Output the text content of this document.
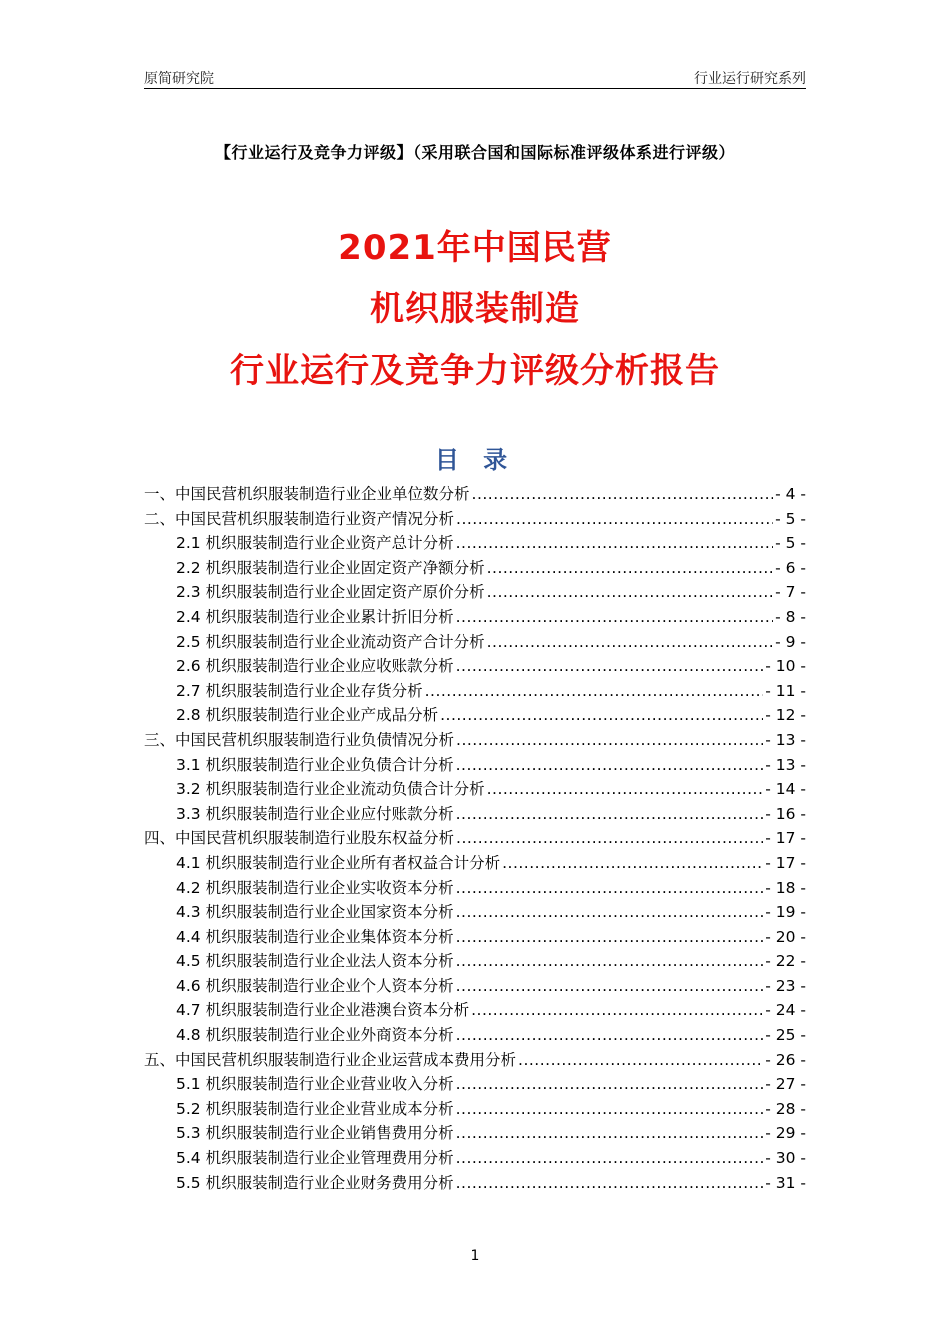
原简研究院	行业运行研究系列
【行业运行及竞争力评级】（采用联合国和国际标准评级体系进行评级）
2021年中国民营
机织服装制造
行业运行及竞争力评级分析报告
目 录
一、中国民营机织服装制造行业企业单位数分析 .....	- 4 -
二、中国民营机织服装制造行业资产情况分析 .....	- 5 -
2.1 机织服装制造行业企业资产总计分析 .....	- 5 -
2.2 机织服装制造行业企业固定资产净额分析 .....	- 6 -
2.3 机织服装制造行业企业固定资产原价分析 .....	- 7 -
2.4 机织服装制造行业企业累计折旧分析 .....	- 8 -
2.5 机织服装制造行业企业流动资产合计分析 .....	- 9 -
2.6 机织服装制造行业企业应收账款分析 .....	- 10 -
2.7 机织服装制造行业企业存货分析 .....	- 11 -
2.8 机织服装制造行业企业产成品分析 .....	- 12 -
三、中国民营机织服装制造行业负债情况分析 .....	- 13 -
3.1 机织服装制造行业企业负债合计分析 .....	- 13 -
3.2 机织服装制造行业企业流动负债合计分析 .....	- 14 -
3.3 机织服装制造行业企业应付账款分析 .....	- 16 -
四、中国民营机织服装制造行业股东权益分析 .....	- 17 -
4.1 机织服装制造行业企业所有者权益合计分析 .....	- 17 -
4.2 机织服装制造行业企业实收资本分析 .....	- 18 -
4.3 机织服装制造行业企业国家资本分析 .....	- 19 -
4.4 机织服装制造行业企业集体资本分析 .....	- 20 -
4.5 机织服装制造行业企业法人资本分析 .....	- 22 -
4.6 机织服装制造行业企业个人资本分析 .....	- 23 -
4.7 机织服装制造行业企业港澳台资本分析 .....	- 24 -
4.8 机织服装制造行业企业外商资本分析 .....	- 25 -
五、中国民营机织服装制造行业企业运营成本费用分析 .....	- 26 -
5.1 机织服装制造行业企业营业收入分析 .....	- 27 -
5.2 机织服装制造行业企业营业成本分析 .....	- 28 -
5.3 机织服装制造行业企业销售费用分析 .....	- 29 -
5.4 机织服装制造行业企业管理费用分析 .....	- 30 -
5.5 机织服装制造行业企业财务费用分析 .....	- 31 -
1
